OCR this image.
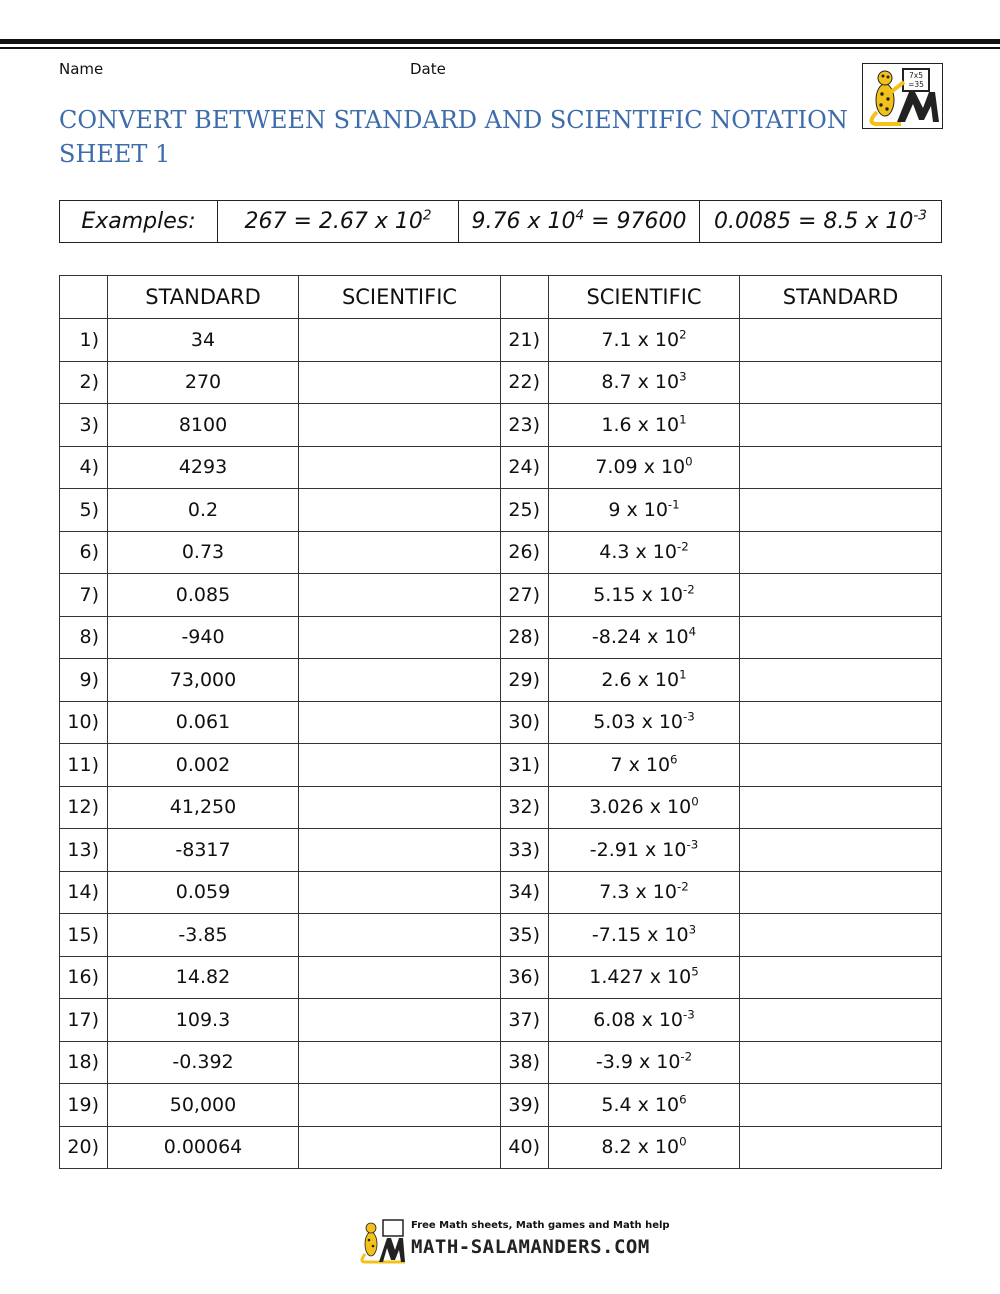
Name	Date
CONVERT BETWEEN STANDARD AND SCIENTIFIC NOTATION
SHEET 1
7x5
=35
Examples:	267 = 2.67 x $10^2$	9.76 x $10^4 = 97600$	0.0085 = 8.5 x $10^{-3}$
	STANDARD	SCIENTIFIC		SCIENTIFIC	STANDARD
1)	34		21)	7.1 x $10^2$	
2)	270		22)	8.7 x $10^3$	
3)	8100		23)	1.6 x $10^1$	
4)	4293		24)	7.09 x $10^0$	
5)	0.2		25)	9 x $10^{-1}$	
6)	0.73		26)	4.3 x $10^{-2}$	
7)	0.085		27)	5.15 x $10^{-2}$	
8)	-940		28)	-8.24 x $10^4$	
9)	73,000		29)	2.6 x $10^1$	
10)	0.061		30)	5.03 x $10^{-3}$	
11)	0.002		31)	7 x $10^6$	
12)	41,250		32)	3.026 x $10^0$	
13)	-8317		33)	-2.91 x $10^{-3}$	
14)	0.059		34)	7.3 x $10^{-2}$	
15)	-3.85		35)	-7.15 x $10^3$	
16)	14.82		36)	1.427 x $10^5$	
17)	109.3		37)	6.08 x $10^{-3}$	
18)	-0.392		38)	-3.9 x $10^{-2}$	
19)	50,000		39)	5.4 x $10^6$	
20)	0.00064		40)	8.2 x $10^0$	
Free Math sheets, Math games and Math help
MATH-SALAMANDERS.COM
